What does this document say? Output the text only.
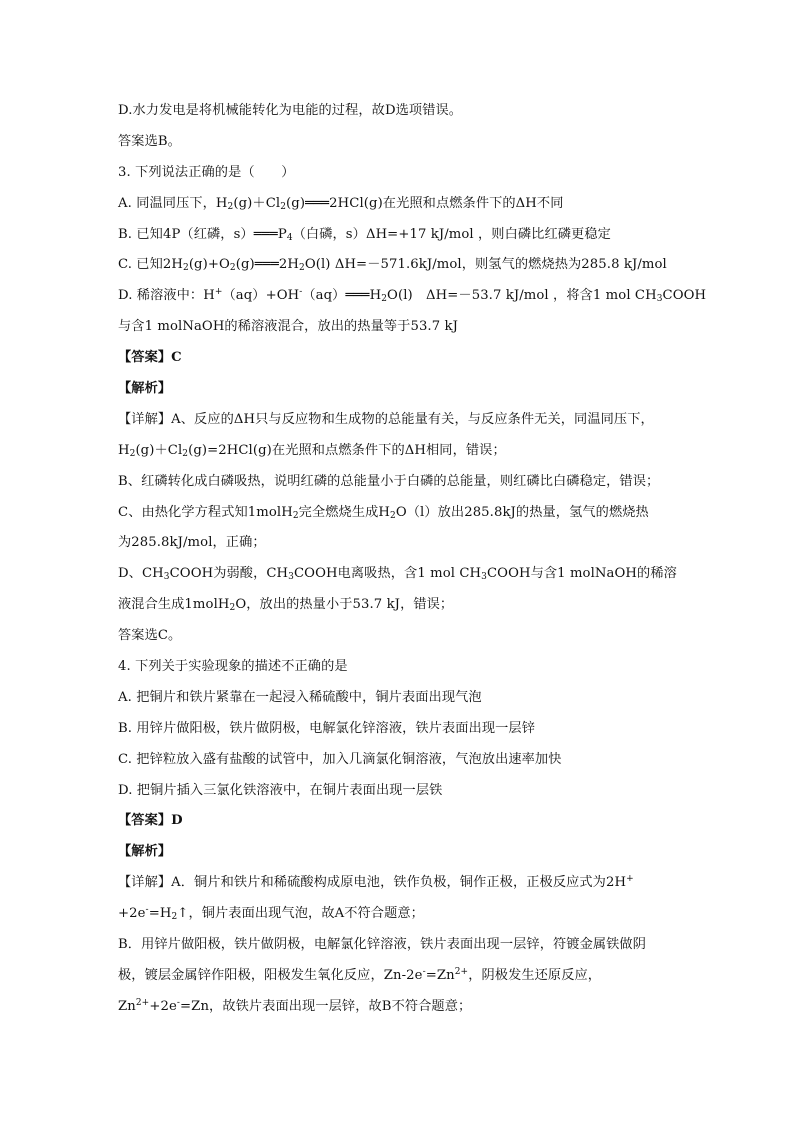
D.水力发电是将机械能转化为电能的过程，故D选项错误。
答案选B。
3. 下列说法正确的是（　　）
A. 同温同压下，$H_2(g)+Cl_2(g)═══2HCl(g)$在光照和点燃条件下的ΔH不同
B. 已知4P（红磷，$s)═══P_4$（白磷，s）ΔH=+17 kJ/mol ，则白磷比红磷更稳定
C. 已知$2H_2(g)+O_2(g)═══2H_2O(l)$ ΔH=－571.6kJ/mol，则氢气的燃烧热为285.8 kJ/mol
D. 稀溶液中：$H^+(aq)+OH^-(aq)═══H_2O(l)$　ΔH=－53.7 kJ/mol ，将含1 mol $CH_3COOH$
与含1 molNaOH的稀溶液混合，放出的热量等于53.7 kJ
【答案】C
【解析】
【详解】A、反应的ΔH只与反应物和生成物的总能量有关，与反应条件无关，同温同压下，
$H_2(g)+Cl_2(g)=2HCl(g)$在光照和点燃条件下的ΔH相同，错误；
B、红磷转化成白磷吸热，说明红磷的总能量小于白磷的总能量，则红磷比白磷稳定，错误；
C、由热化学方程式知1molH$_2$完全燃烧生成$H_2O(l)$放出285.8kJ的热量，氢气的燃烧热
为285.8kJ/mol，正确；
D、$CH_3COOH$为弱酸，$CH_3COOH$电离吸热，含1 mol $CH_3COOH$与含1 molNaOH的稀溶
液混合生成1molH$_2$O，放出的热量小于53.7 kJ，错误；
答案选C。
4. 下列关于实验现象的描述不正确的是
A. 把铜片和铁片紧靠在一起浸入稀硫酸中，铜片表面出现气泡
B. 用锌片做阳极，铁片做阴极，电解氯化锌溶液，铁片表面出现一层锌
C. 把锌粒放入盛有盐酸的试管中，加入几滴氯化铜溶液，气泡放出速率加快
D. 把铜片插入三氯化铁溶液中，在铜片表面出现一层铁
【答案】D
【解析】
【详解】A．铜片和铁片和稀硫酸构成原电池，铁作负极，铜作正极，正极反应式为2H+
$+2e^-=H_2↑$，铜片表面出现气泡，故A不符合题意；
B．用锌片做阳极，铁片做阴极，电解氯化锌溶液，铁片表面出现一层锌，符镀金属铁做阴
极，镀层金属锌作阳极，阳极发生氧化反应，$Zn-2e^-=Zn^{2+}$，阴极发生还原反应，
$Zn^{2+}+2e^-=Zn$，故铁片表面出现一层锌，故B不符合题意；
